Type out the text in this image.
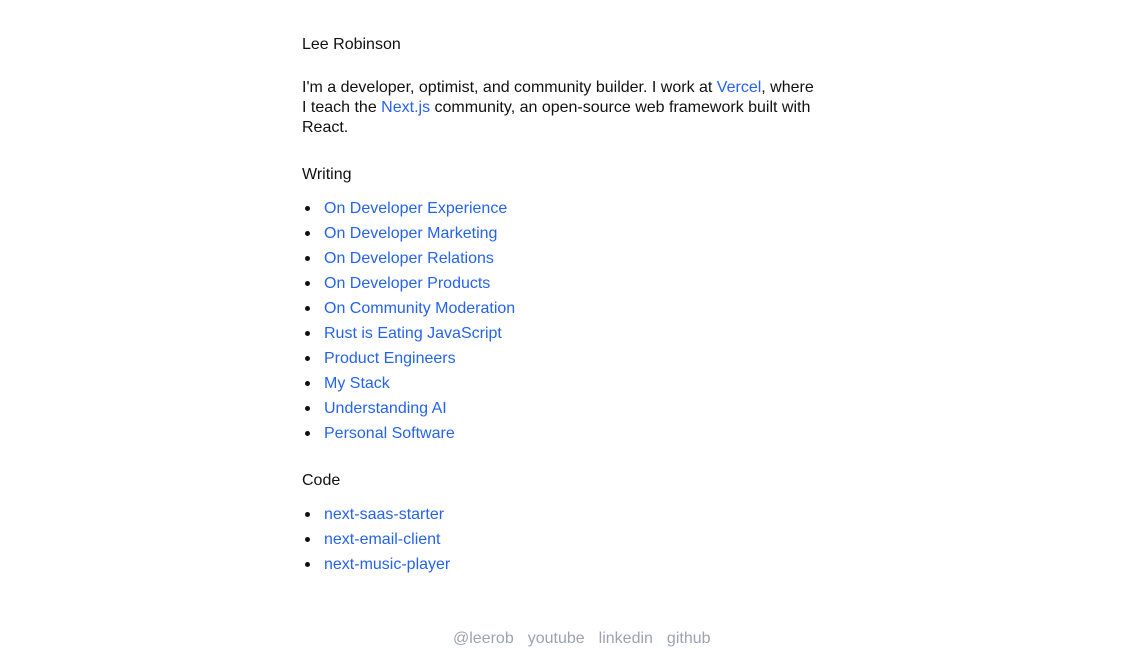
Lee Robinson

I'm a developer, optimist, and community builder. I work at Vercel, where I teach the Next.js community, an open-source web framework built with React.

Writing
On Developer Experience
On Developer Marketing
On Developer Relations
On Developer Products
On Community Moderation
Rust is Eating JavaScript
Product Engineers
My Stack
Understanding AI
Personal Software
Code
next-saas-starter
next-email-client
next-music-player
@leerob youtube linkedin github
